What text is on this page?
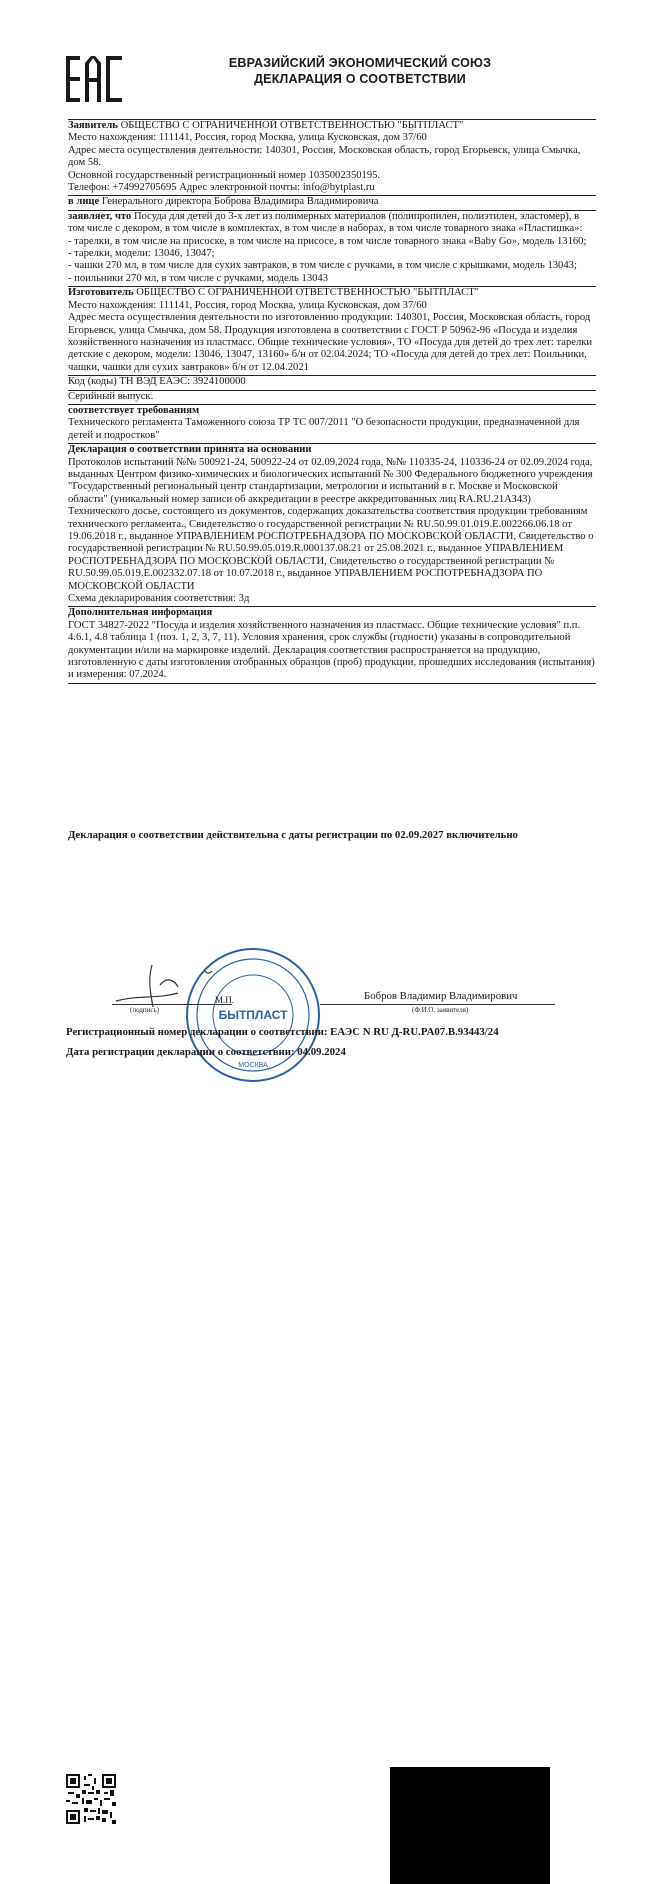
ЕВРАЗИЙСКИЙ ЭКОНОМИЧЕСКИЙ СОЮЗ
ДЕКЛАРАЦИЯ О СООТВЕТСТВИИ
Заявитель ОБЩЕСТВО С ОГРАНИЧЕННОЙ ОТВЕТСТВЕННОСТЬЮ "БЫТПЛАСТ"
Место нахождения: 111141, Россия, город Москва, улица Кусковская, дом 37/60
Адрес места осуществления деятельности: 140301, Россия, Московская область, город Егорьевск, улица Смычка, дом 58.
Основной государственный регистрационный номер 1035002350195.
Телефон: +74992705695 Адрес электронной почты: info@bytplast.ru
в лице Генерального директора Боброва Владимира Владимировича
заявляет, что Посуда для детей до 3-х лет из полимерных материалов (полипропилен, полиэтилен, эластомер), в том числе с декором, в том числе в комплектах, в том числе в наборах, в том числе товарного знака «Пластишка»:
- тарелки, в том числе на присоске, в том числе на присосе, в том числе товарного знака «Baby Go», модель 13160;
- тарелки, модели: 13046, 13047;
- чашки 270 мл, в том числе для сухих завтраков, в том числе с ручками, в том числе с крышками, модель 13043;
- поильники 270 мл, в том числе с ручками, модель 13043
Изготовитель ОБЩЕСТВО С ОГРАНИЧЕННОЙ ОТВЕТСТВЕННОСТЬЮ "БЫТПЛАСТ"
Место нахождения: 111141, Россия, город Москва, улица Кусковская, дом 37/60
Адрес места осуществления деятельности по изготовлению продукции: 140301, Россия, Московская область, город Егорьевск, улица Смычка, дом 58. Продукция изготовлена в соответствии с ГОСТ Р 50962-96 «Посуда и изделия хозяйственного назначения из пластмасс. Общие технические условия», ТО «Посуда для детей до трех лет: тарелки детские с декором, модели: 13046, 13047, 13160» б/н от 02.04.2024; ТО «Посуда для детей до трех лет: Поильники, чашки, чашки для сухих завтраков» б/н от 12.04.2021
Код (коды) ТН ВЭД ЕАЭС: 3924100000
Серийный выпуск.
соответствует требованиям
Технического регламента Таможенного союза ТР ТС 007/2011 "О безопасности продукции, предназначенной для детей и подростков"
Декларация о соответствии принята на основании
Протоколов испытаний №№ 500921-24, 500922-24 от 02.09.2024 года, №№ 110335-24, 110336-24 от 02.09.2024 года, выданных Центром физико-химических и биологических испытаний № 300 Федерального бюджетного учреждения "Государственный региональный центр стандартизации, метрологии и испытаний в г. Москве и Московской области" (уникальный номер записи об аккредитации в реестре аккредитованных лиц RA.RU.21АЗ43)
Технического досье, состоящего из документов, содержащих доказательства соответствия продукции требованиям технического регламента., Свидетельство о государственной регистрации № RU.50.99.01.019.E.002266.06.18 от 19.06.2018 г., выданное УПРАВЛЕНИЕМ РОСПОТРЕБНАДЗОРА ПО МОСКОВСКОЙ ОБЛАСТИ, Свидетельство о государственной регистрации № RU.50.99.05.019.R.000137.08.21 от 25.08.2021 г., выданное УПРАВЛЕНИЕМ РОСПОТРЕБНАДЗОРА ПО МОСКОВСКОЙ ОБЛАСТИ, Свидетельство о государственной регистрации № RU.50.99.05.019.E.002332.07.18 от 10.07.2018 г., выданное УПРАВЛЕНИЕМ РОСПОТРЕБНАДЗОРА ПО МОСКОВСКОЙ ОБЛАСТИ
Схема декларирования соответствия: 3д
Дополнительная информация
ГОСТ 34827-2022 "Посуда и изделия хозяйственного назначения из пластмасс. Общие технические условия" п.п. 4.6.1, 4.8 таблица 1 (поз. 1, 2, 3, 7, 11). Условия хранения, срок службы (годности) указаны в сопроводительной документации и/или на маркировке изделий. Декларация соответствия распространяется на продукцию, изготовленную с даты изготовления отобранных образцов (проб) продукции, прошедших исследования (испытания) и измерения: 07.2024.
Декларация о соответствии действительна с даты регистрации по 02.09.2027 включительно
БЫТПЛАСТ
МОСКВА
(подпись)
М.П.	Бобров Владимир Владимирович
(Ф.И.О. заявителя)
Регистрационный номер декларации о соответствии: ЕАЭС N RU Д-RU.PA07.B.93443/24
Дата регистрации декларации о соответствии: 04.09.2024
